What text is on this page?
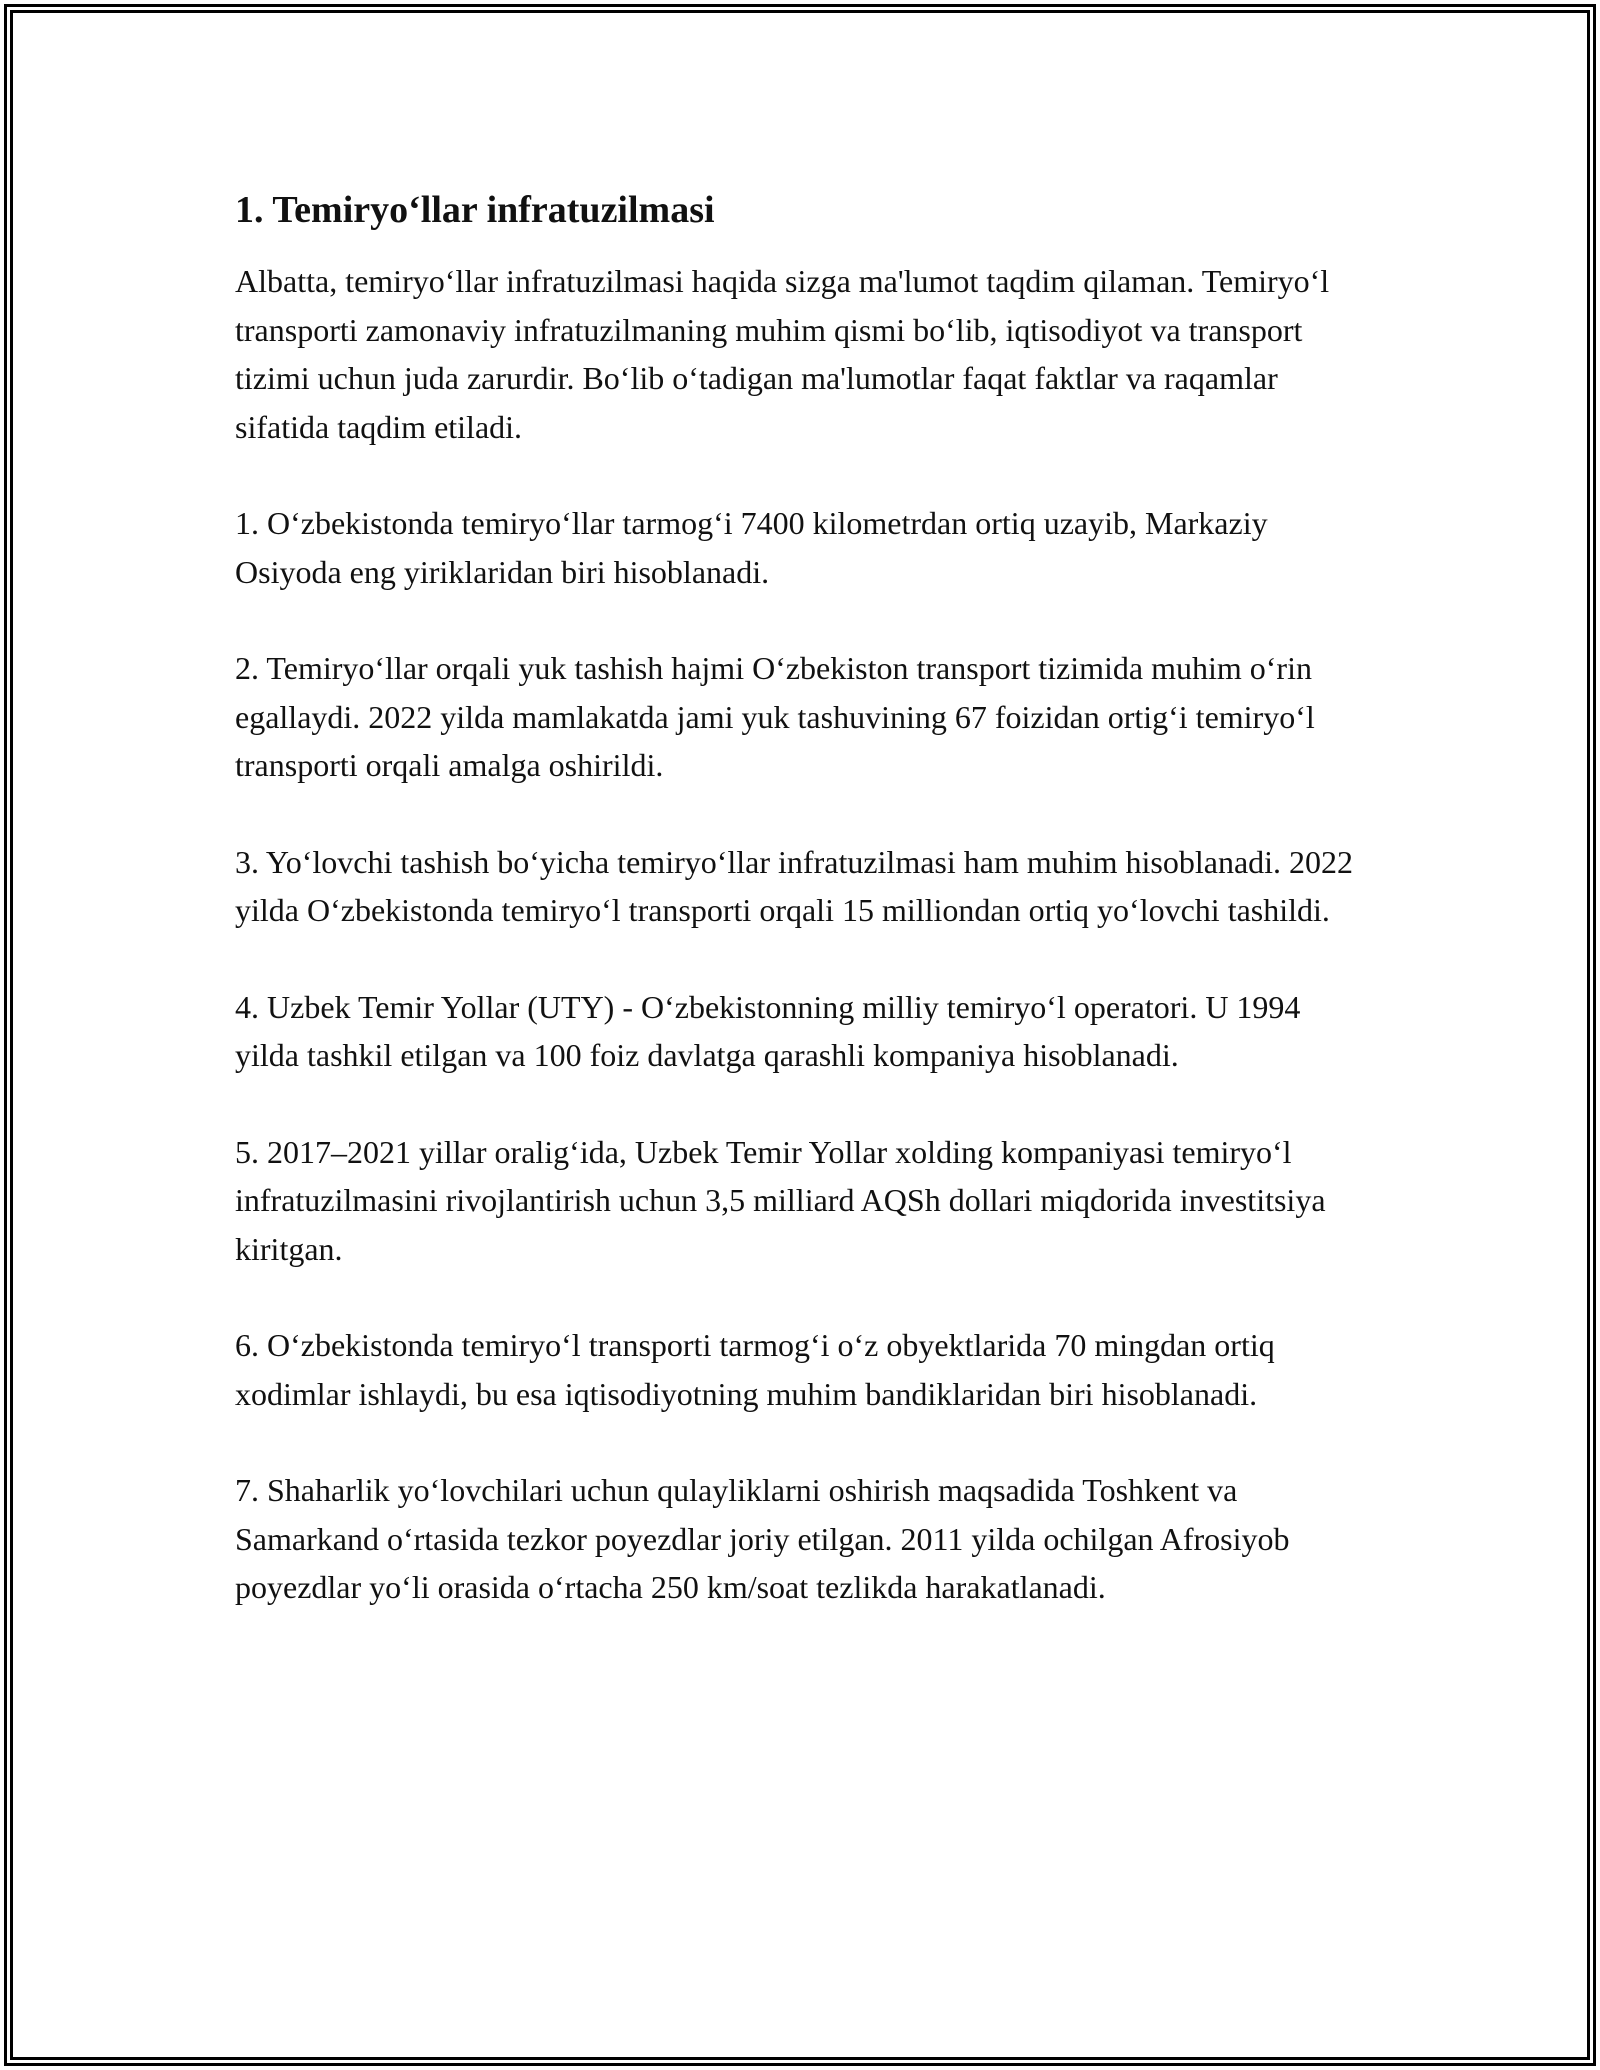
1. Temiryo‘llar infratuzilmasi

Albatta, temiryo‘llar infratuzilmasi haqida sizga ma'lumot taqdim qilaman. Temiryo‘l transporti zamonaviy infratuzilmaning muhim qismi bo‘lib, iqtisodiyot va transport tizimi uchun juda zarurdir. Bo‘lib o‘tadigan ma'lumotlar faqat faktlar va raqamlar sifatida taqdim etiladi.

1. O‘zbekistonda temiryo‘llar tarmog‘i 7400 kilometrdan ortiq uzayib, Markaziy Osiyoda eng yiriklaridan biri hisoblanadi.

2. Temiryo‘llar orqali yuk tashish hajmi O‘zbekiston transport tizimida muhim o‘rin egallaydi. 2022 yilda mamlakatda jami yuk tashuvining 67 foizidan ortig‘i temiryo‘l transporti orqali amalga oshirildi.

3. Yo‘lovchi tashish bo‘yicha temiryo‘llar infratuzilmasi ham muhim hisoblanadi. 2022 yilda O‘zbekistonda temiryo‘l transporti orqali 15 milliondan ortiq yo‘lovchi tashildi.

4. Uzbek Temir Yollar (UTY) - O‘zbekistonning milliy temiryo‘l operatori. U 1994 yilda tashkil etilgan va 100 foiz davlatga qarashli kompaniya hisoblanadi.

5. 2017–2021 yillar oralig‘ida, Uzbek Temir Yollar xolding kompaniyasi temiryo‘l infratuzilmasini rivojlantirish uchun 3,5 milliard AQSh dollari miqdorida investitsiya kiritgan.

6. O‘zbekistonda temiryo‘l transporti tarmog‘i o‘z obyektlarida 70 mingdan ortiq xodimlar ishlaydi, bu esa iqtisodiyotning muhim bandiklaridan biri hisoblanadi.

7. Shaharlik yo‘lovchilari uchun qulayliklarni oshirish maqsadida Toshkent va Samarkand o‘rtasida tezkor poyezdlar joriy etilgan. 2011 yilda ochilgan Afrosiyob poyezdlar yo‘li orasida o‘rtacha 250 km/soat tezlikda harakatlanadi.
